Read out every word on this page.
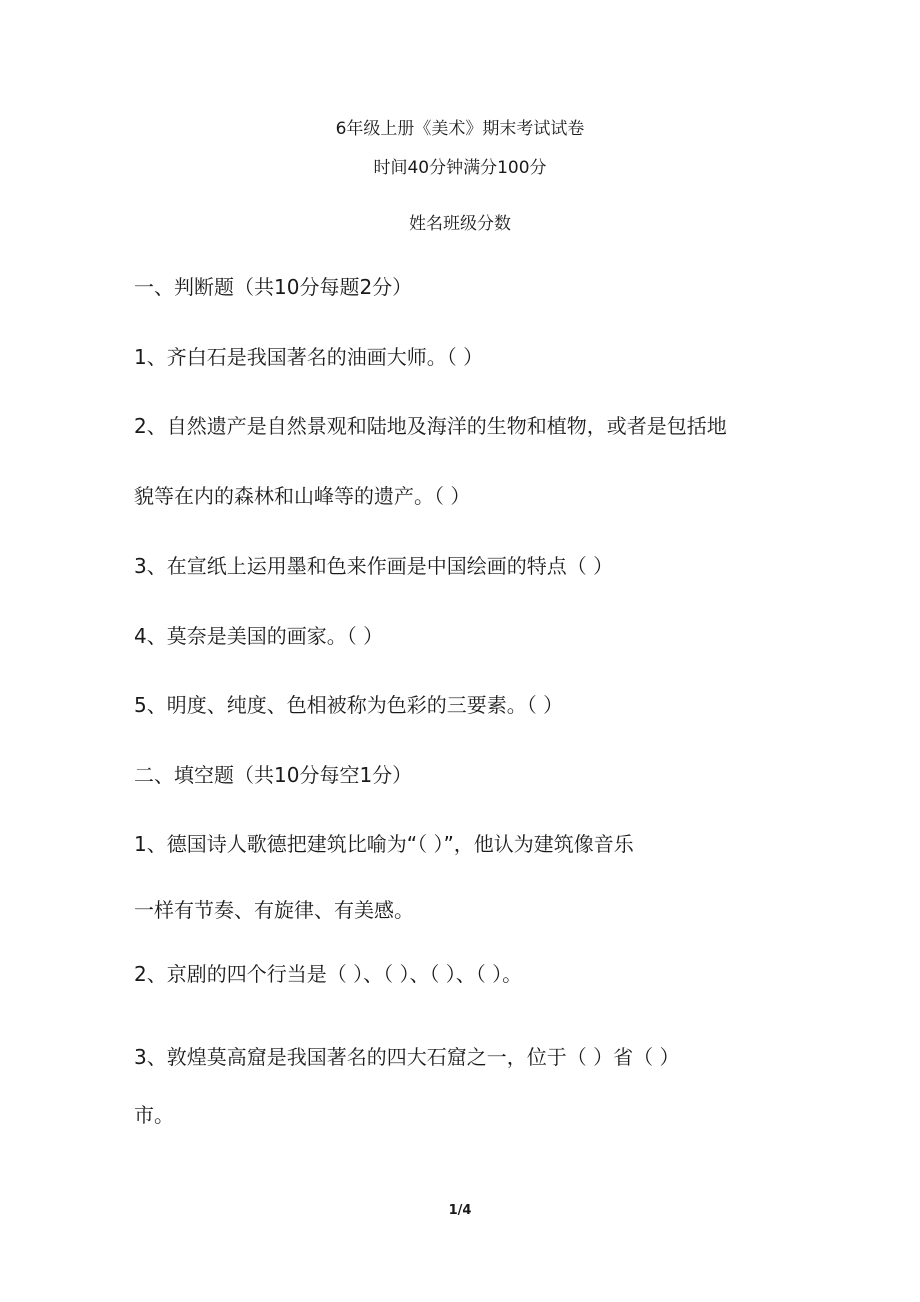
6年级上册《美术》期末考试试卷
时间40分钟满分100分
姓名班级分数
一、判断题（共10分每题2分）
1、齐白石是我国著名的油画大师。（ ）
2、自然遗产是自然景观和陆地及海洋的生物和植物，或者是包括地
貌等在内的森林和山峰等的遗产。（ ）
3、在宣纸上运用墨和色来作画是中国绘画的特点（ ）
4、莫奈是美国的画家。（ ）
5、明度、纯度、色相被称为色彩的三要素。（ ）
二、填空题（共10分每空1分）
1、德国诗人歌德把建筑比喻为“（ ）”，他认为建筑像音乐
一样有节奏、有旋律、有美感。
2、京剧的四个行当是（ ）、（ ）、（ ）、（ ）。
3、敦煌莫高窟是我国著名的四大石窟之一，位于（ ）省（ ）
市。
1/4
